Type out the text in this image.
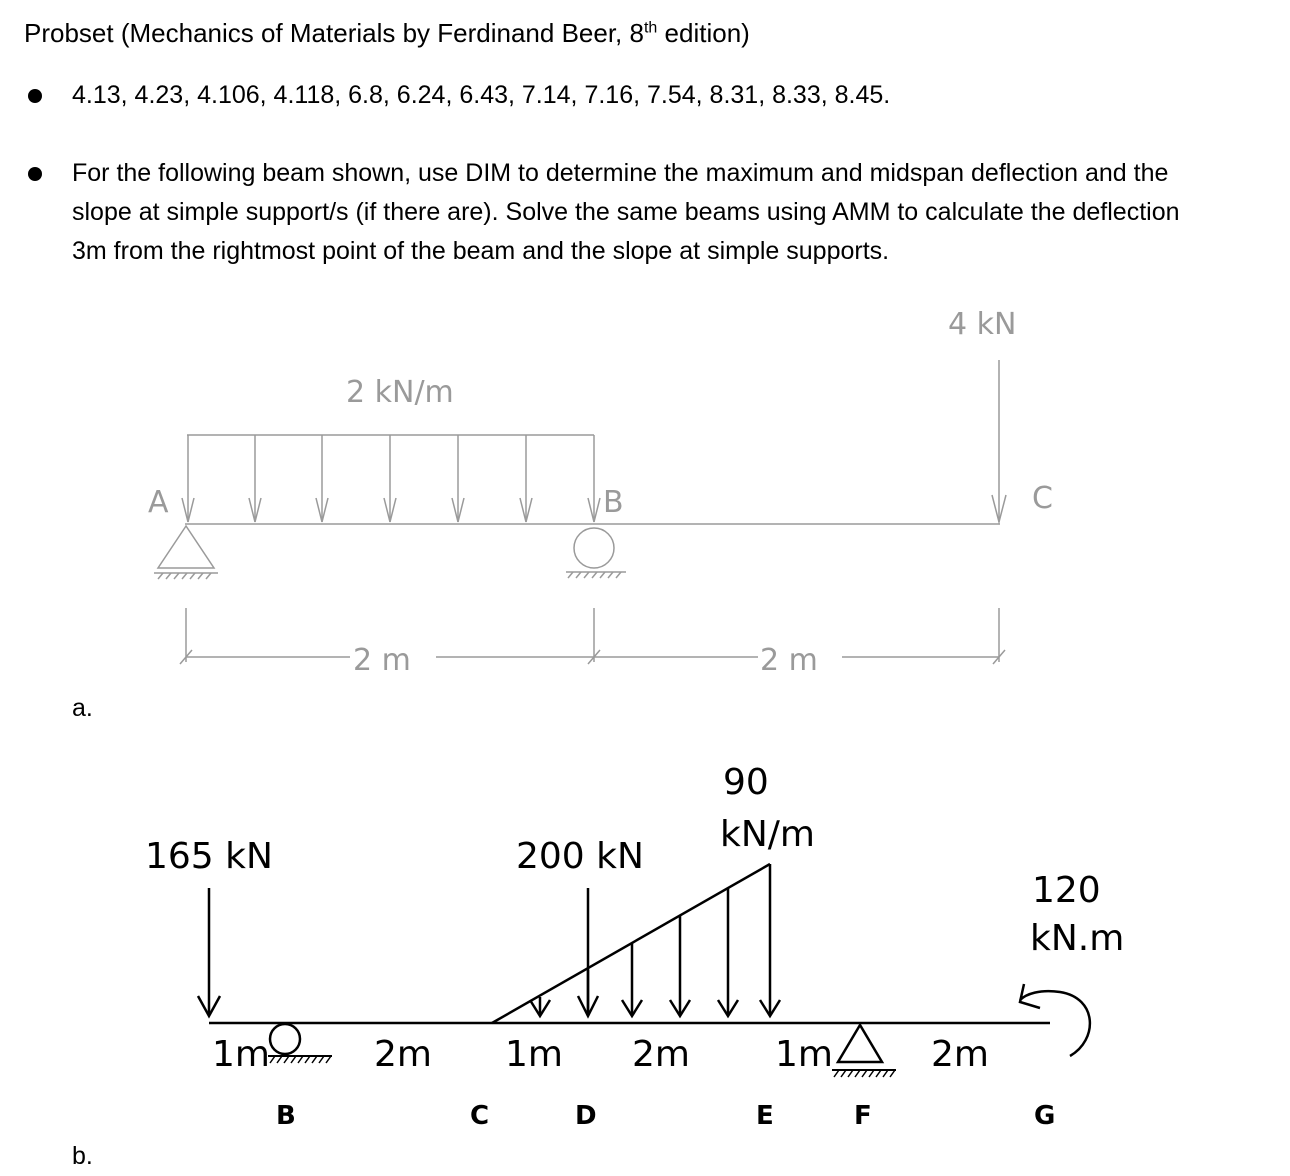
Probset (Mechanics of Materials by Ferdinand Beer, 8th edition)
4.13, 4.23, 4.106, 4.118, 6.8, 6.24, 6.43, 7.14, 7.16, 7.54, 8.31, 8.33, 8.45.
For the following beam shown, use DIM to determine the maximum and midspan deflection and the
slope at simple support/s (if there are). Solve the same beams using AMM to calculate the deflection
3m from the rightmost point of the beam and the slope at simple supports.
2 kN/m
4 kN
A	B	C
2 m	2 m
a.
165 kN	200 kN
90
kN/m
120
kN.m
1m	2m 1m 2m 1m	2m
B	C	D	E	F	G
b.
